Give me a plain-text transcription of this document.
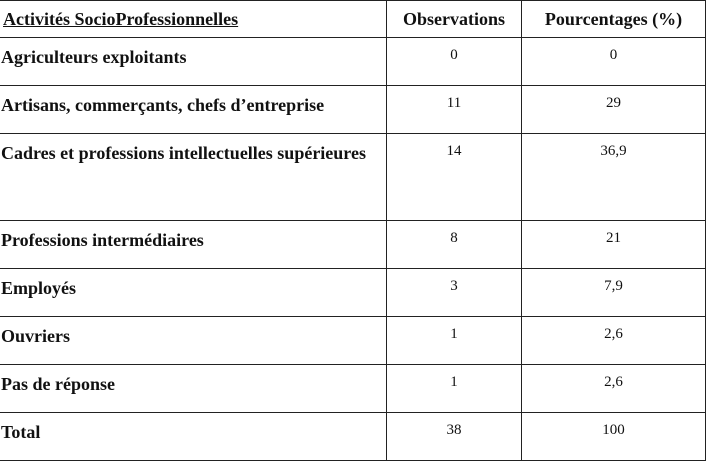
Activités SocioProfessionnelles	Observations	Pourcentages (%)
Agriculteurs exploitants	0	0
Artisans, commerçants, chefs d’entreprise	11	29
Cadres et professions intellectuelles supérieures	14	36,9
Professions intermédiaires	8	21
Employés	3	7,9
Ouvriers	1	2,6
Pas de réponse	1	2,6
Total	38	100
